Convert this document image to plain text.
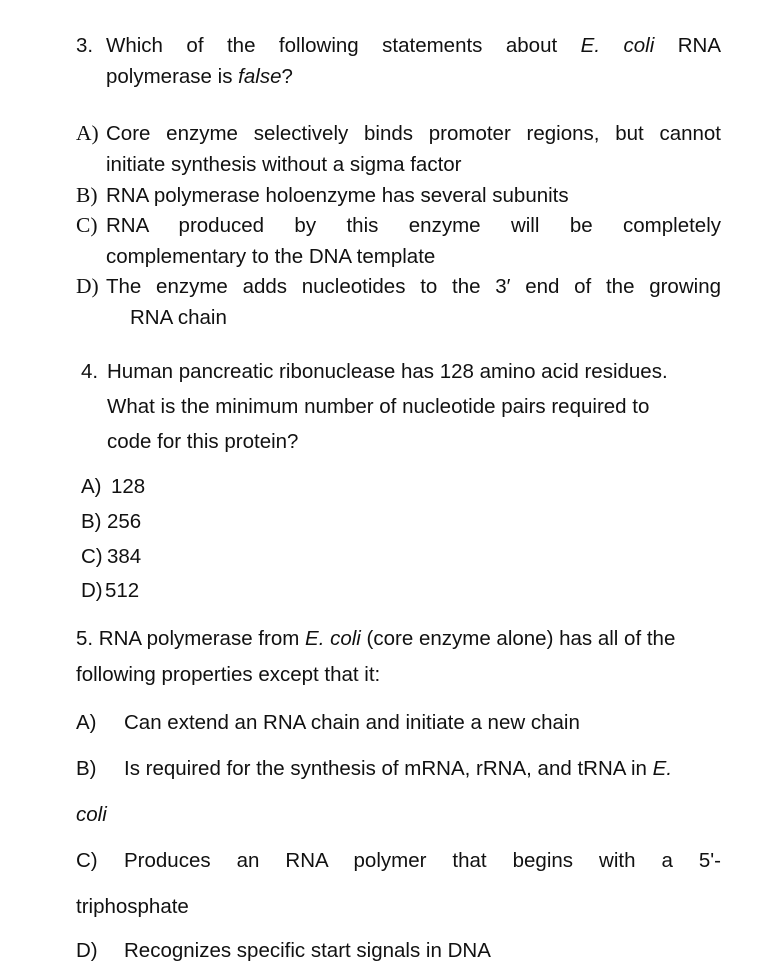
3. Which of the following statements about E. coli RNA
polymerase is false?
A) Core enzyme selectively binds promoter regions, but cannot
initiate synthesis without a sigma factor
B) RNA polymerase holoenzyme has several subunits
C) RNA produced by this enzyme will be completely
complementary to the DNA template
D) The enzyme adds nucleotides to the 3′ end of the growing
RNA chain
4. Human pancreatic ribonuclease has 128 amino acid residues.
What is the minimum number of nucleotide pairs required to
code for this protein?
A) 128
B) 256
C) 384
D) 512
5. RNA polymerase from E. coli (core enzyme alone) has all of the
following properties except that it:
A) Can extend an RNA chain and initiate a new chain
B) Is required for the synthesis of mRNA, rRNA, and tRNA in E.
coli
C) Produces an RNA polymer that begins with a 5'-
triphosphate
D) Recognizes specific start signals in DNA
